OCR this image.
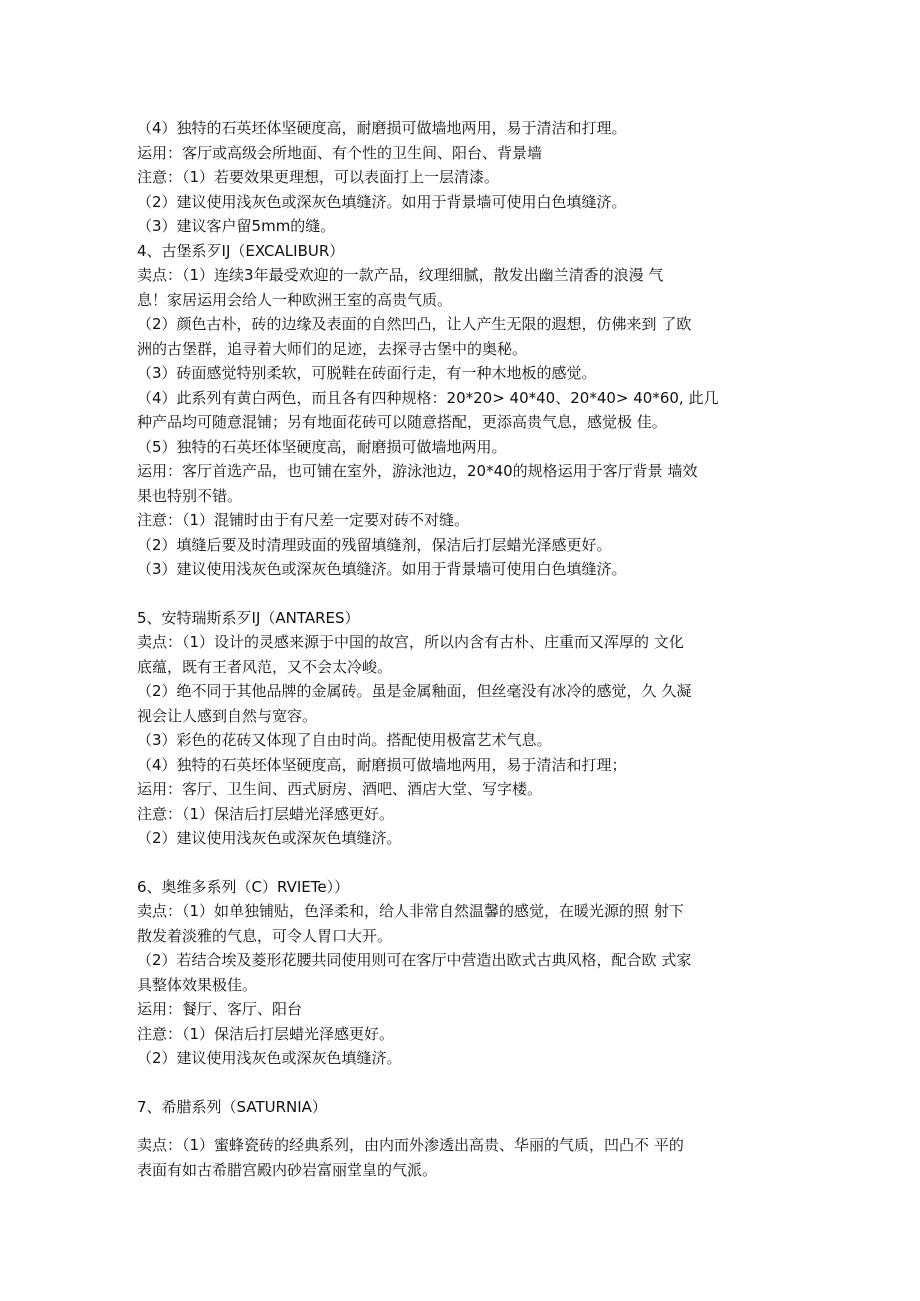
（4）独特的石英坯体坚硬度高，耐磨损可做墙地两用，易于清洁和打理。
运用：客厅或高级会所地面、有个性的卫生间、阳台、背景墙
注意：（1）若要效果更理想，可以表面打上一层清漆。
（2）建议使用浅灰色或深灰色填缝济。如用于背景墙可使用白色填缝济。
（3）建议客户留5mm的缝。
4、古堡系歹IJ（EXCALIBUR）
卖点：（1）连续3年最受欢迎的一款产品，纹理细腻，散发出幽兰清香的浪漫 气
息！家居运用会给人一种欧洲王室的高贵气质。
（2）颜色古朴，砖的边缘及表面的自然凹凸，让人产生无限的遐想，仿佛来到 了欧
洲的古堡群，追寻着大师们的足迹，去探寻古堡中的奥秘。
（3）砖面感觉特别柔软，可脱鞋在砖面行走，有一种木地板的感觉。
（4）此系列有黄白两色，而且各有四种规格：20*20> 40*40、20*40> 40*60, 此几
种产品均可随意混铺；另有地面花砖可以随意搭配，更添高贵气息，感觉极 佳。
（5）独特的石英坯体坚硬度高，耐磨损可做墙地两用。
运用：客厅首选产品，也可铺在室外，游泳池边，20*40的规格运用于客厅背景 墙效
果也特别不错。
注意：（1）混铺时由于有尺差一定要对砖不对缝。
（2）填缝后要及时清理豉面的残留填缝剂，保洁后打层蜡光泽感更好。
（3）建议使用浅灰色或深灰色填缝济。如用于背景墙可使用白色填缝济。
5、安特瑞斯系歹IJ（ANTARES）
卖点：（1）设计的灵感来源于中国的故宫，所以内含有古朴、庄重而又浑厚的 文化
底蕴，既有王者风范，又不会太冷峻。
（2）绝不同于其他品牌的金属砖。虽是金属釉面，但丝毫没有冰冷的感觉，久 久凝
视会让人感到自然与宽容。
（3）彩色的花砖又体现了自由时尚。搭配使用极富艺术气息。
（4）独特的石英坯体坚硬度高，耐磨损可做墙地两用，易于清洁和打理；
运用：客厅、卫生间、西式厨房、酒吧、酒店大堂、写字楼。
注意：（1）保洁后打层蜡光泽感更好。
（2）建议使用浅灰色或深灰色填缝济。
6、奥维多系列（C）RVIETe））
卖点：（1）如单独铺贴，色泽柔和，给人非常自然温馨的感觉，在暖光源的照 射下
散发着淡雅的气息，可令人胃口大开。
（2）若结合埃及菱形花腰共同使用则可在客厅中营造出欧式古典风格，配合欧 式家
具整体效果极佳。
运用：餐厅、客厅、阳台
注意：（1）保洁后打层蜡光泽感更好。
（2）建议使用浅灰色或深灰色填缝济。
7、希腊系列（SATURNIA）
卖点：（1）蜜蜂瓷砖的经典系列，由内而外渗透出高贵、华丽的气质，凹凸不 平的
表面有如古希腊宫殿内砂岩富丽堂皇的气派。
